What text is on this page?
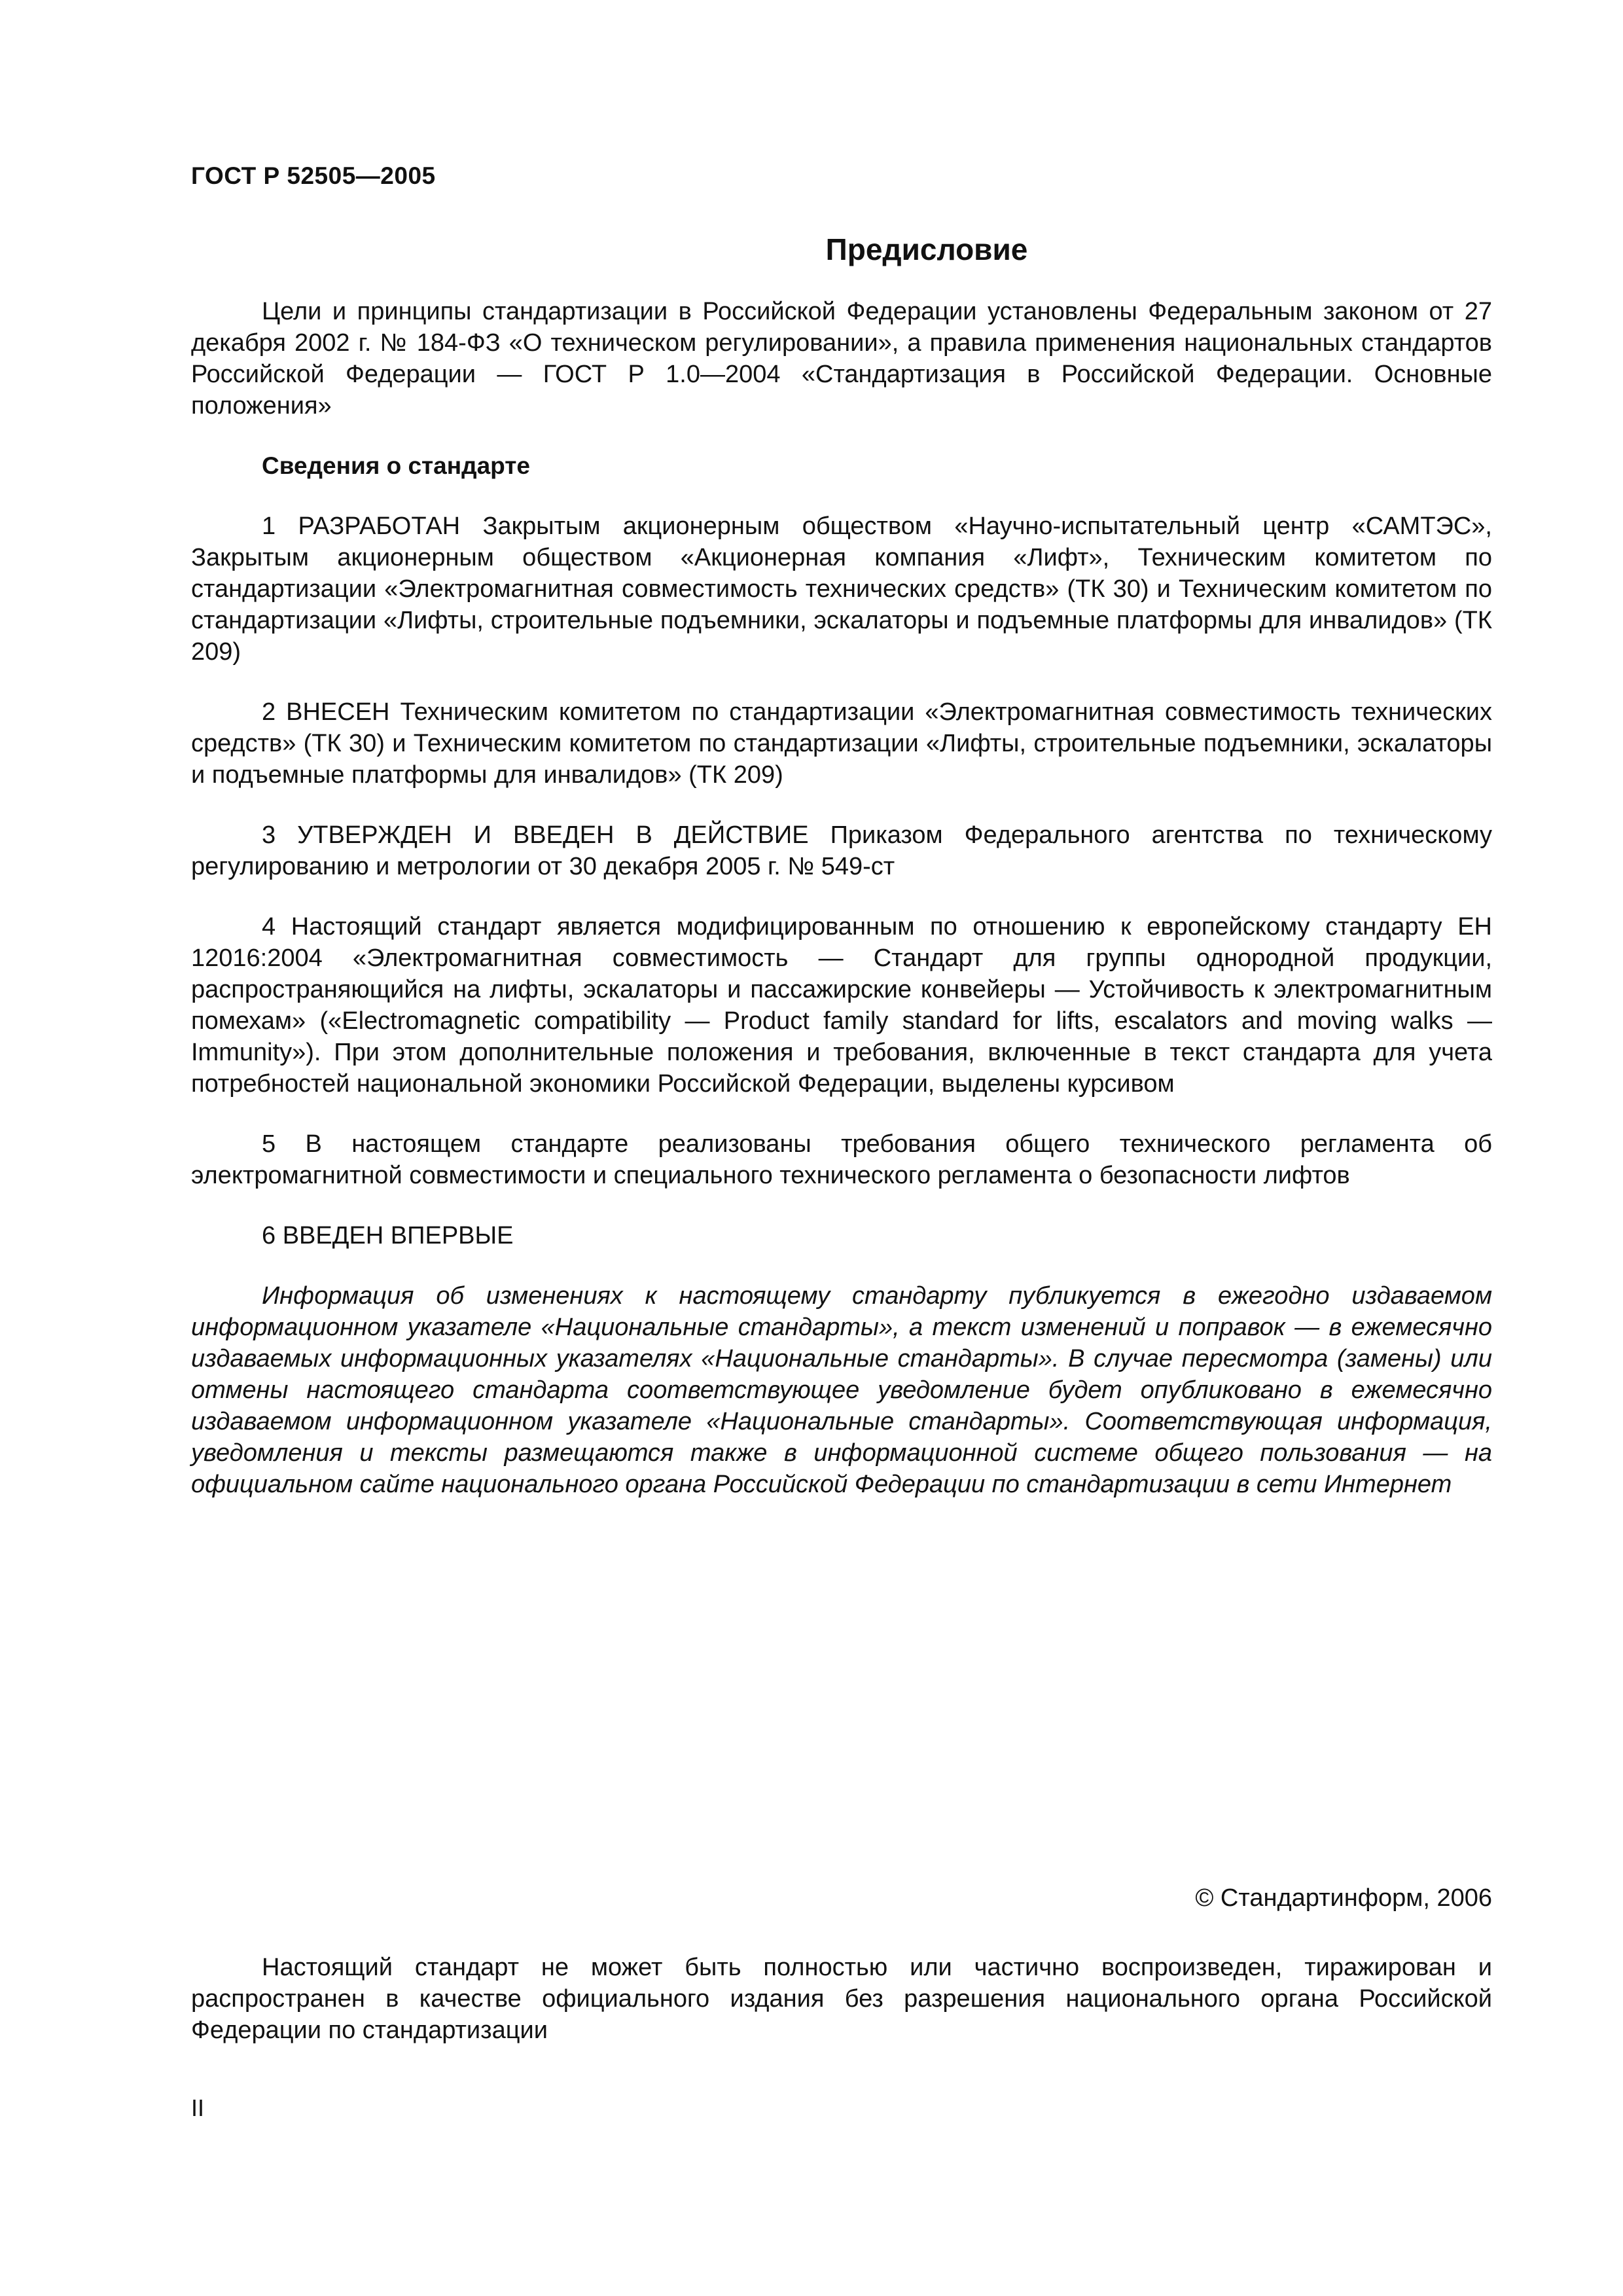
ГОСТ Р 52505—2005
Предисловие

Цели и принципы стандартизации в Российской Федерации установлены Федеральным законом от 27 декабря 2002 г. № 184-ФЗ «О техническом регулировании», а правила применения национальных стандартов Российской Федерации — ГОСТ Р 1.0—2004 «Стандартизация в Российской Федерации. Основные положения»

Сведения о стандарте

1 РАЗРАБОТАН Закрытым акционерным обществом «Научно-испытательный центр «САМТЭС», Закрытым акционерным обществом «Акционерная компания «Лифт», Техническим комитетом по стандартизации «Электромагнитная совместимость технических средств» (ТК 30) и Техническим комитетом по стандартизации «Лифты, строительные подъемники, эскалаторы и подъемные платформы для инвалидов» (ТК 209)

2 ВНЕСЕН Техническим комитетом по стандартизации «Электромагнитная совместимость технических средств» (ТК 30) и Техническим комитетом по стандартизации «Лифты, строительные подъемники, эскалаторы и подъемные платформы для инвалидов» (ТК 209)

3 УТВЕРЖДЕН И ВВЕДЕН В ДЕЙСТВИЕ Приказом Федерального агентства по техническому регулированию и метрологии от 30 декабря 2005 г. № 549-ст

4 Настоящий стандарт является модифицированным по отношению к европейскому стандарту ЕН 12016:2004 «Электромагнитная совместимость — Стандарт для группы однородной продукции, распространяющийся на лифты, эскалаторы и пассажирские конвейеры — Устойчивость к электромагнитным помехам» («Electromagnetic compatibility — Product family standard for lifts, escalators and moving walks — Immunity»). При этом дополнительные положения и требования, включенные в текст стандарта для учета потребностей национальной экономики Российской Федерации, выделены курсивом

5 В настоящем стандарте реализованы требования общего технического регламента об электромагнитной совместимости и специального технического регламента о безопасности лифтов

6 ВВЕДЕН ВПЕРВЫЕ

Информация об изменениях к настоящему стандарту публикуется в ежегодно издаваемом информационном указателе «Национальные стандарты», а текст изменений и поправок — в ежемесячно издаваемых информационных указателях «Национальные стандарты». В случае пересмотра (замены) или отмены настоящего стандарта соответствующее уведомление будет опубликовано в ежемесячно издаваемом информационном указателе «Национальные стандарты». Соответствующая информация, уведомления и тексты размещаются также в информационной системе общего пользования — на официальном сайте национального органа Российской Федерации по стандартизации в сети Интернет

© Стандартинформ, 2006

Настоящий стандарт не может быть полностью или частично воспроизведен, тиражирован и распространен в качестве официального издания без разрешения национального органа Российской Федерации по стандартизации

II
